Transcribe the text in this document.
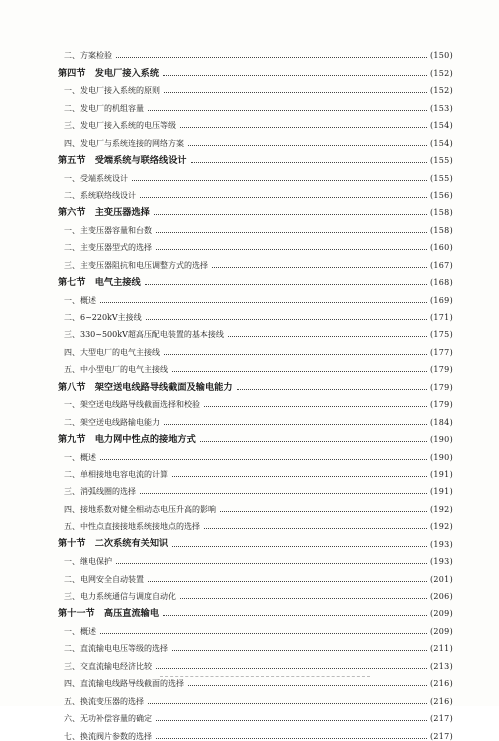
二、方案检验	(150)
第四节　发电厂接入系统	(152)
一、发电厂接入系统的原则	(152)
二、发电厂的机组容量	(153)
三、发电厂接入系统的电压等级	(154)
四、发电厂与系统连接的网络方案	(154)
第五节　受端系统与联络线设计	(155)
一、受端系统设计	(155)
二、系统联络线设计	(156)
第六节　主变压器选择	(158)
一、主变压器容量和台数	(158)
二、主变压器型式的选择	(160)
三、主变压器阻抗和电压调整方式的选择	(167)
第七节　电气主接线	(168)
一、概述	(169)
二、6~220kV主接线	(171)
三、330~500kV超高压配电装置的基本接线	(175)
四、大型电厂的电气主接线	(177)
五、中小型电厂的电气主接线	(179)
第八节　架空送电线路导线截面及输电能力	(179)
一、架空送电线路导线截面选择和校验	(179)
二、架空送电线路输电能力	(184)
第九节　电力网中性点的接地方式	(190)
一、概述	(190)
二、单相接地电容电流的计算	(191)
三、消弧线圈的选择	(191)
四、接地系数对健全相动态电压升高的影响	(192)
五、中性点直接接地系统接地点的选择	(192)
第十节　二次系统有关知识	(193)
一、继电保护	(193)
二、电网安全自动装置	(201)
三、电力系统通信与调度自动化	(206)
第十一节　高压直流输电	(209)
一、概述	(209)
二、直流输电电压等级的选择	(211)
三、交直流输电经济比较	(213)
四、直流输电线路导线截面的选择	(216)
五、换流变压器的选择	(216)
六、无功补偿容量的确定	(217)
七、换流阀片参数的选择	(217)
